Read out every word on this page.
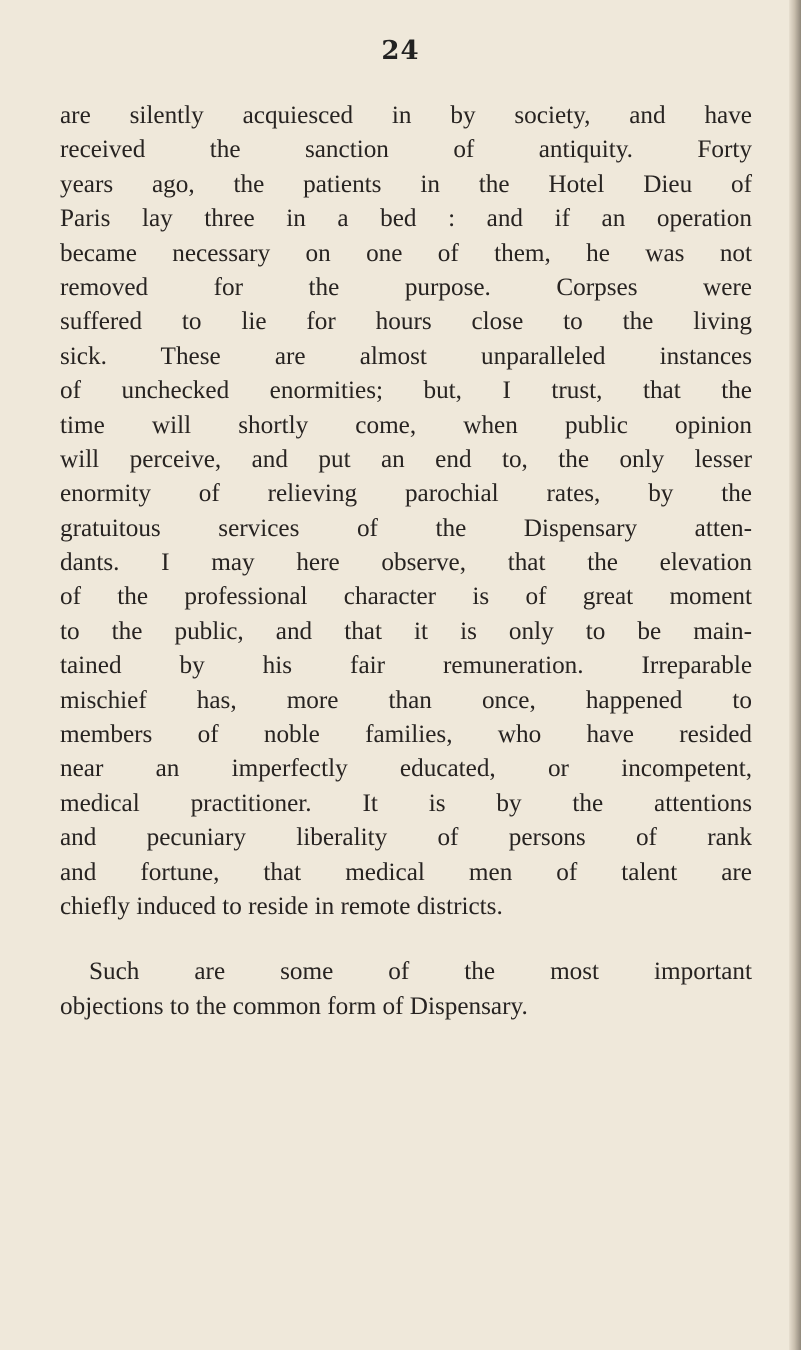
24
are silently acquiesced in by society, and have
received the sanction of antiquity. Forty
years ago, the patients in the Hotel Dieu of
Paris lay three in a bed : and if an operation
became necessary on one of them, he was not
removed for the purpose. Corpses were
suffered to lie for hours close to the living
sick. These are almost unparalleled instances
of unchecked enormities; but, I trust, that the
time will shortly come, when public opinion
will perceive, and put an end to, the only lesser
enormity of relieving parochial rates, by the
gratuitous services of the Dispensary atten-
dants. I may here observe, that the elevation
of the professional character is of great moment
to the public, and that it is only to be main-
tained by his fair remuneration. Irreparable
mischief has, more than once, happened to
members of noble families, who have resided
near an imperfectly educated, or incompetent,
medical practitioner. It is by the attentions
and pecuniary liberality of persons of rank
and fortune, that medical men of talent are
chiefly induced to reside in remote districts.
Such are some of the most important
objections to the common form of Dispensary.
